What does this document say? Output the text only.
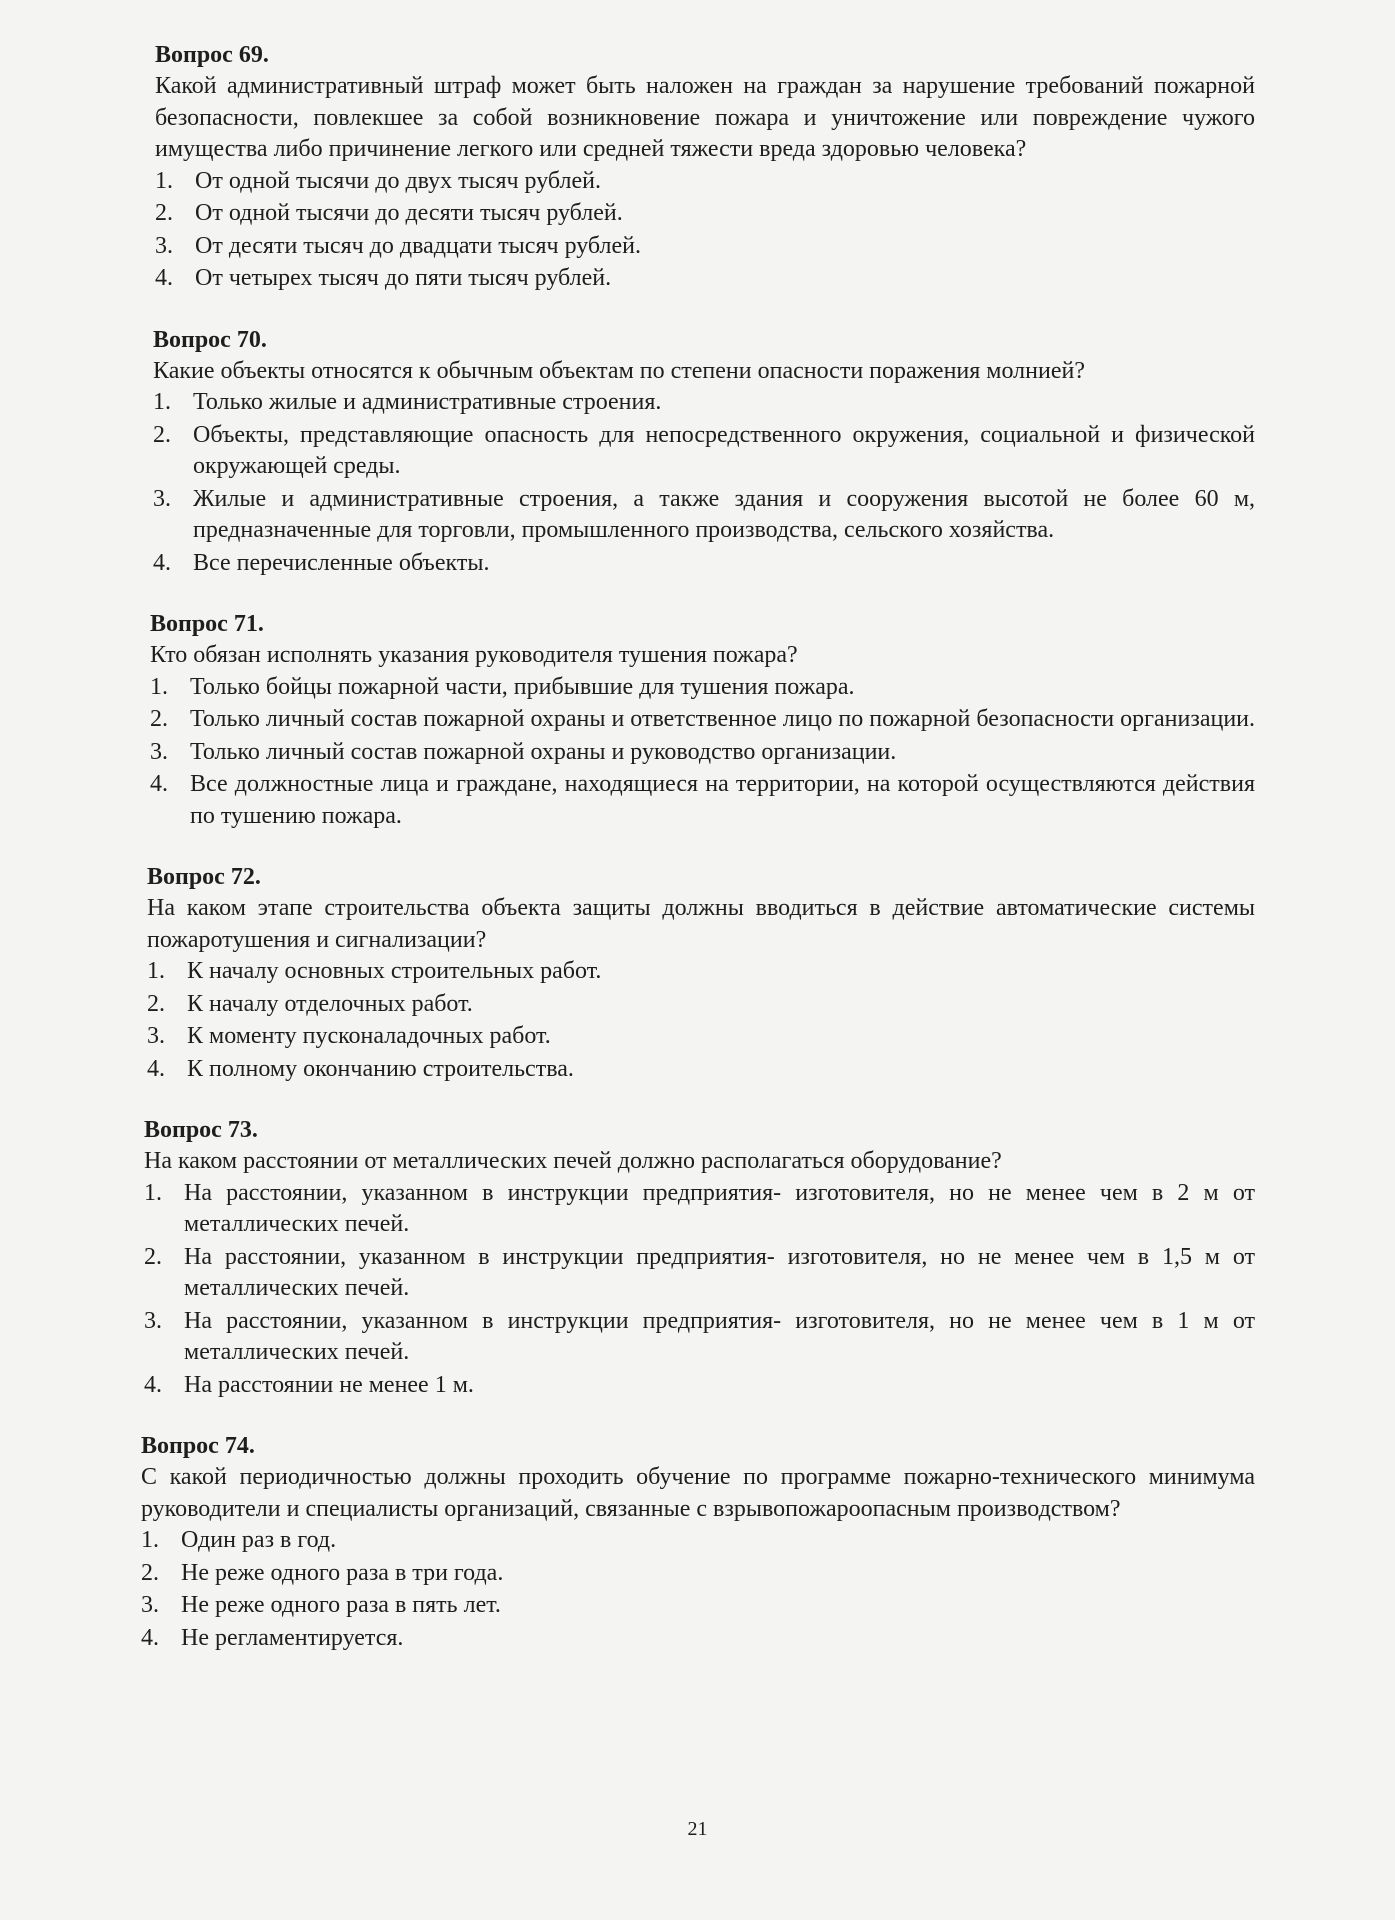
Вопрос 69.

Какой административный штраф может быть наложен на граждан за нарушение требований пожарной безопасности, повлекшее за собой возникновение пожара и уничтожение или повреждение чужого имущества либо причинение легкого или средней тяжести вреда здоровью человека?

1. От одной тысячи до двух тысяч рублей.
2. От одной тысячи до десяти тысяч рублей.
3. От десяти тысяч до двадцати тысяч рублей.
4. От четырех тысяч до пяти тысяч рублей.

Вопрос 70.

Какие объекты относятся к обычным объектам по степени опасности поражения молнией?

1. Только жилые и административные строения.
2. Объекты, представляющие опасность для непосредственного окружения, социальной и физической окружающей среды.
3. Жилые и административные строения, а также здания и сооружения высотой не более 60 м, предназначенные для торговли, промышленного производства, сельского хозяйства.
4. Все перечисленные объекты.

Вопрос 71.

Кто обязан исполнять указания руководителя тушения пожара?

1. Только бойцы пожарной части, прибывшие для тушения пожара.
2. Только личный состав пожарной охраны и ответственное лицо по пожарной безопасности организации.
3. Только личный состав пожарной охраны и руководство организации.
4. Все должностные лица и граждане, находящиеся на территории, на которой осуществляются действия по тушению пожара.

Вопрос 72.

На каком этапе строительства объекта защиты должны вводиться в действие автоматические системы пожаротушения и сигнализации?

1. К началу основных строительных работ.
2. К началу отделочных работ.
3. К моменту пусконаладочных работ.
4. К полному окончанию строительства.

Вопрос 73.

На каком расстоянии от металлических печей должно располагаться оборудование?

1. На расстоянии, указанном в инструкции предприятия- изготовителя, но не менее чем в 2 м от металлических печей.
2. На расстоянии, указанном в инструкции предприятия- изготовителя, но не менее чем в 1,5 м от металлических печей.
3. На расстоянии, указанном в инструкции предприятия- изготовителя, но не менее чем в 1 м от металлических печей.
4. На расстоянии не менее 1 м.

Вопрос 74.

С какой периодичностью должны проходить обучение по программе пожарно-технического минимума руководители и специалисты организаций, связанные с взрывопожароопасным производством?

1. Один раз в год.
2. Не реже одного раза в три года.
3. Не реже одного раза в пять лет.
4. Не регламентируется.
21
